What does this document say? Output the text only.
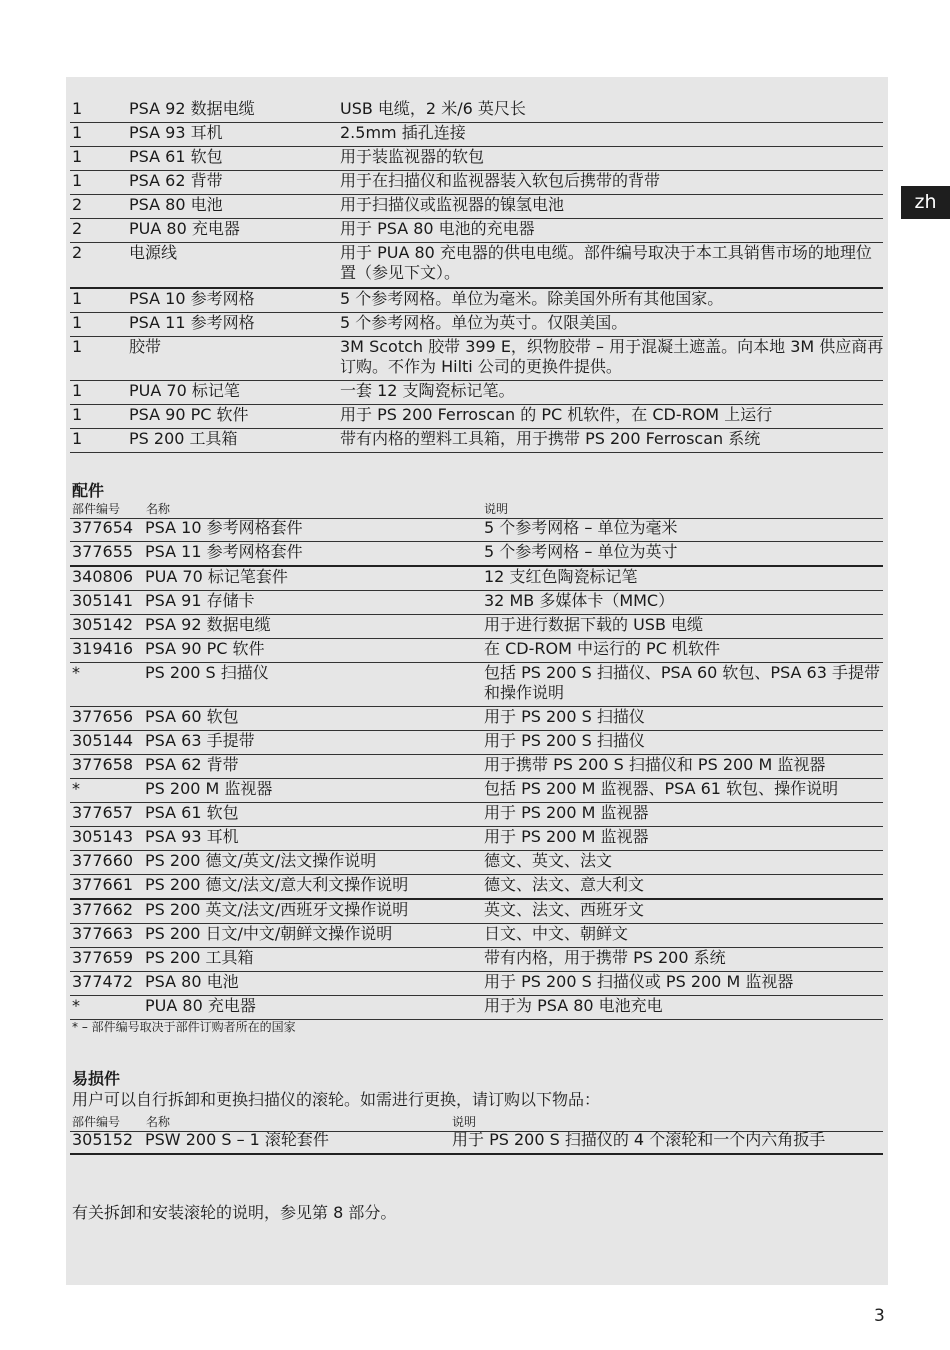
zh
3
1	PSA 92 数据电缆	USB 电缆，2 米/6 英尺长
1	PSA 93 耳机	2.5mm 插孔连接
1	PSA 61 软包	用于装监视器的软包
1	PSA 62 背带	用于在扫描仪和监视器装入软包后携带的背带
2	PSA 80 电池	用于扫描仪或监视器的镍氢电池
2	PUA 80 充电器	用于 PSA 80 电池的充电器
2	电源线	用于 PUA 80 充电器的供电电缆。部件编号取决于本工具销售市场的地理位置（参见下文）。
1	PSA 10 参考网格	5 个参考网格。单位为毫米。除美国外所有其他国家。
1	PSA 11 参考网格	5 个参考网格。单位为英寸。仅限美国。
1	胶带	3M Scotch 胶带 399 E，织物胶带 – 用于混凝土遮盖。向本地 3M 供应商再订购。不作为 Hilti 公司的更换件提供。
1	PUA 70 标记笔	一套 12 支陶瓷标记笔。
1	PSA 90 PC 软件	用于 PS 200 Ferroscan 的 PC 机软件，在 CD-ROM 上运行
1	PS 200 工具箱	带有内格的塑料工具箱，用于携带 PS 200 Ferroscan 系统
配件
部件编号 名称	说明
377654 PSA 10 参考网格套件	5 个参考网格 – 单位为毫米
377655 PSA 11 参考网格套件	5 个参考网格 – 单位为英寸
340806 PUA 70 标记笔套件	12 支红色陶瓷标记笔
305141 PSA 91 存储卡	32 MB 多媒体卡（MMC）
305142 PSA 92 数据电缆	用于进行数据下载的 USB 电缆
319416 PSA 90 PC 软件	在 CD-ROM 中运行的 PC 机软件
*	PS 200 S 扫描仪	包括 PS 200 S 扫描仪、PSA 60 软包、PSA 63 手提带和操作说明
377656 PSA 60 软包	用于 PS 200 S 扫描仪
305144 PSA 63 手提带	用于 PS 200 S 扫描仪
377658 PSA 62 背带	用于携带 PS 200 S 扫描仪和 PS 200 M 监视器
*	PS 200 M 监视器	包括 PS 200 M 监视器、PSA 61 软包、操作说明
377657 PSA 61 软包	用于 PS 200 M 监视器
305143 PSA 93 耳机	用于 PS 200 M 监视器
377660 PS 200 德文/英文/法文操作说明	德文、英文、法文
377661 PS 200 德文/法文/意大利文操作说明	德文、法文、意大利文
377662 PS 200 英文/法文/西班牙文操作说明	英文、法文、西班牙文
377663 PS 200 日文/中文/朝鲜文操作说明	日文、中文、朝鲜文
377659 PS 200 工具箱	带有内格，用于携带 PS 200 系统
377472 PSA 80 电池	用于 PS 200 S 扫描仪或 PS 200 M 监视器
*	PUA 80 充电器	用于为 PSA 80 电池充电
* – 部件编号取决于部件订购者所在的国家
易损件
用户可以自行拆卸和更换扫描仪的滚轮。如需进行更换，请订购以下物品：
部件编号 名称	说明
305152 PSW 200 S – 1 滚轮套件	用于 PS 200 S 扫描仪的 4 个滚轮和一个内六角扳手
有关拆卸和安装滚轮的说明，参见第 8 部分。
